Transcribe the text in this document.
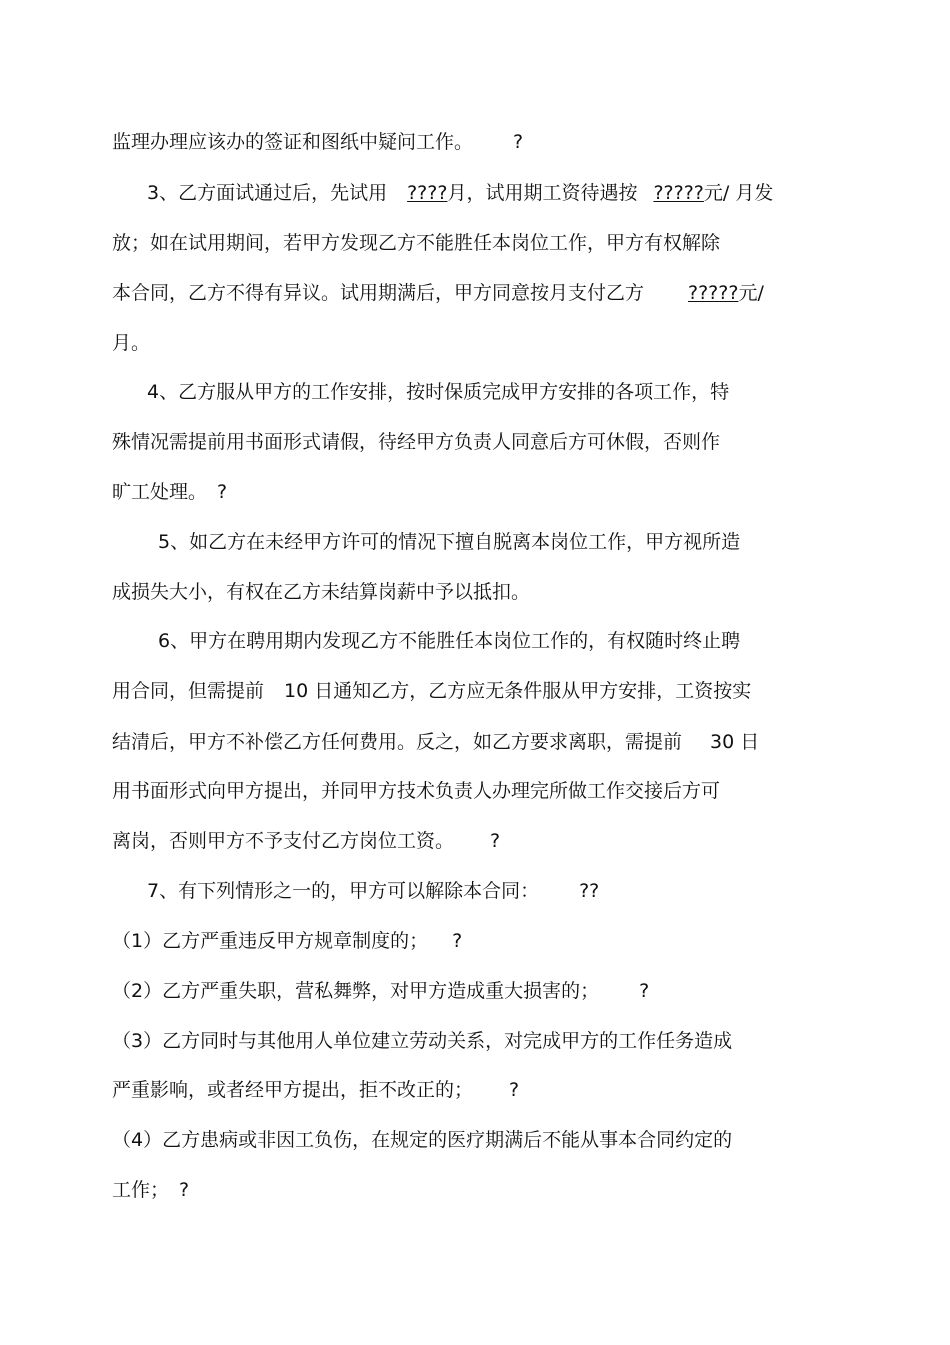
监理办理应该办的签证和图纸中疑问工作。 ?
3、乙方面试通过后，先试用 ????月，试用期工资待遇按 ?????元/ 月发
放；如在试用期间，若甲方发现乙方不能胜任本岗位工作，甲方有权解除
本合同，乙方不得有异议。试用期满后，甲方同意按月支付乙方 ?????元/
月。
4、乙方服从甲方的工作安排，按时保质完成甲方安排的各项工作，特
殊情况需提前用书面形式请假，待经甲方负责人同意后方可休假，否则作
旷工处理。 ?
5、如乙方在未经甲方许可的情况下擅自脱离本岗位工作，甲方视所造
成损失大小，有权在乙方未结算岗薪中予以抵扣。
6、甲方在聘用期内发现乙方不能胜任本岗位工作的，有权随时终止聘
用合同，但需提前 10 日通知乙方，乙方应无条件服从甲方安排，工资按实
结清后，甲方不补偿乙方任何费用。反之，如乙方要求离职，需提前 30 日
用书面形式向甲方提出，并同甲方技术负责人办理完所做工作交接后方可
离岗，否则甲方不予支付乙方岗位工资。 ?
7、有下列情形之一的，甲方可以解除本合同： ??
（1）乙方严重违反甲方规章制度的； ?
（2）乙方严重失职，营私舞弊，对甲方造成重大损害的； ?
（3）乙方同时与其他用人单位建立劳动关系，对完成甲方的工作任务造成
严重影响，或者经甲方提出，拒不改正的； ?
（4）乙方患病或非因工负伤，在规定的医疗期满后不能从事本合同约定的
工作； ?
